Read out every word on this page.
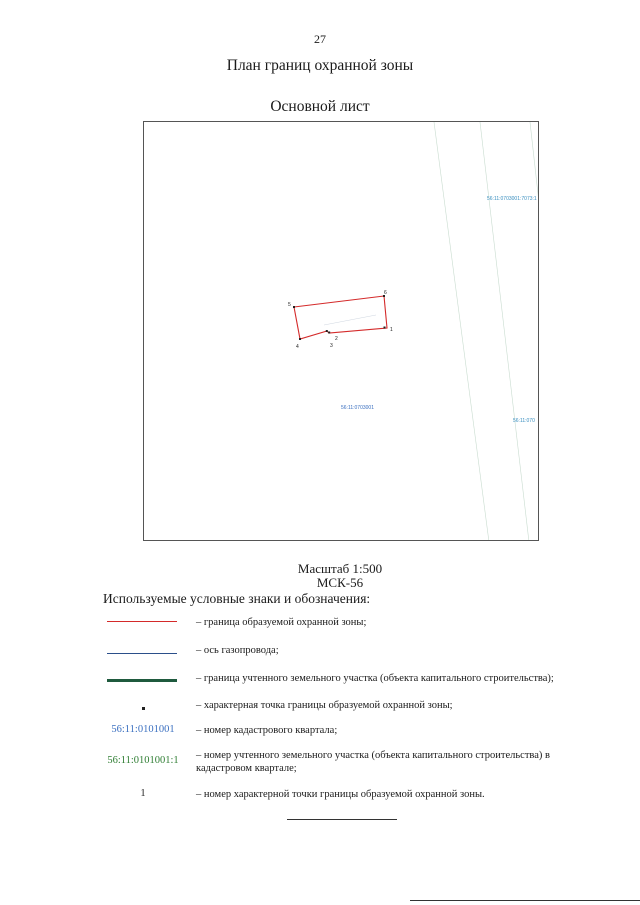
27
План границ охранной зоны
Основной лист
56:11:0703001:7073:1
56:11:0703001
56:11:070
1
2
3
4
5
6
Масштаб 1:500
МСК-56
Используемые условные знаки и обозначения:
– граница образуемой охранной зоны;
– ось газопровода;
– граница учтенного земельного участка (объекта капитального строительства);
– характерная точка границы образуемой охранной зоны;
56:11:0101001	– номер кадастрового квартала;
56:11:0101001:1	– номер учтенного земельного участка (объекта капитального строительства) в кадастровом квартале;
1	– номер характерной точки границы образуемой охранной зоны.
